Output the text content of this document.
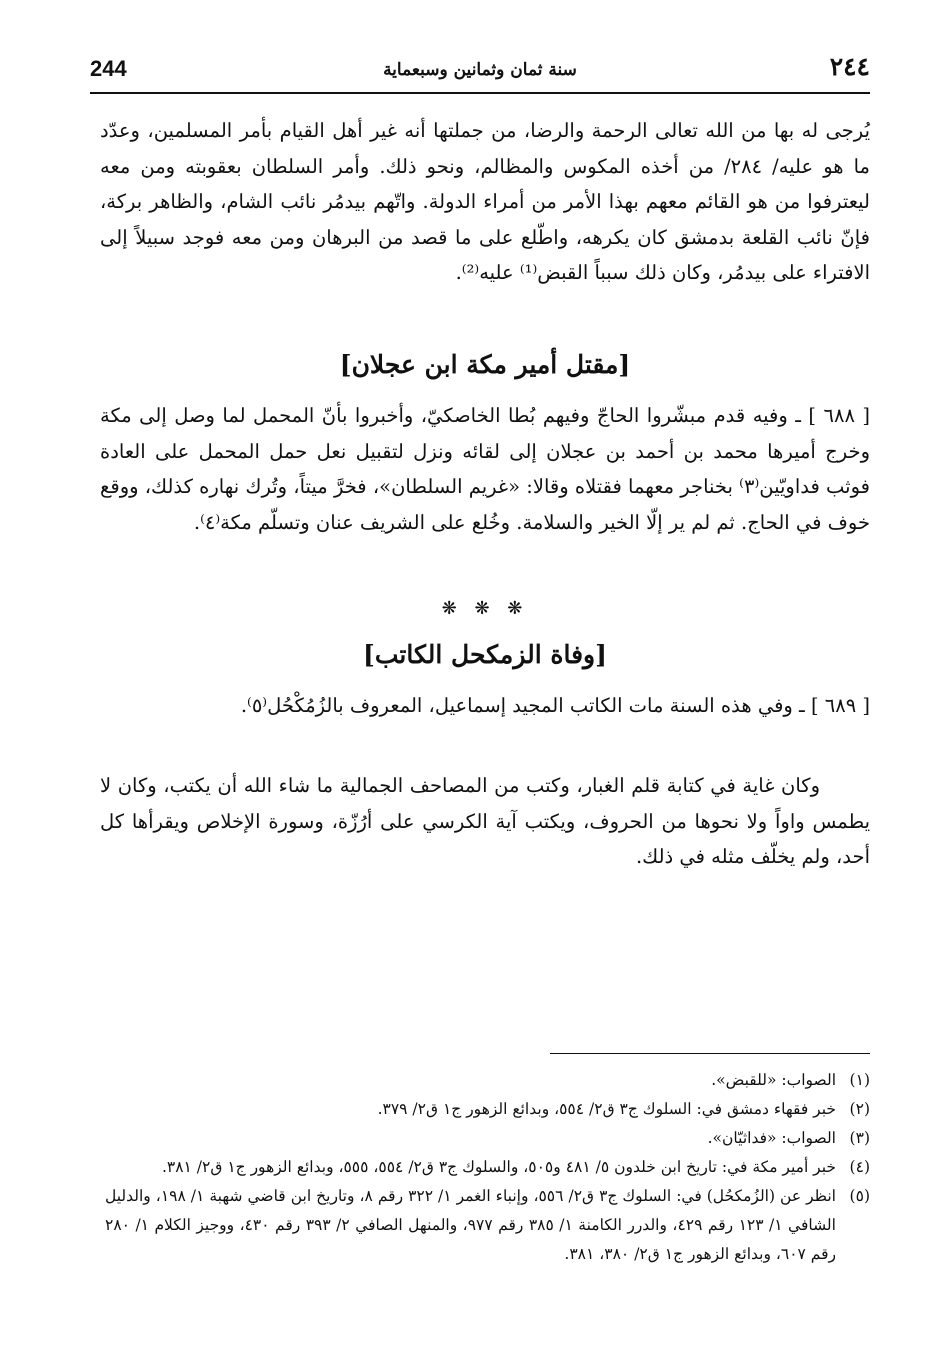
244	سنة ثمان وثمانين وسبعماية	٢٤٤

يُرجى له بها من الله تعالى الرحمة والرضا، من جملتها أنه غير أهل القيام بأمر المسلمين، وعدّد ما هو عليه/ ٢٨٤/ من أخذه المكوس والمظالم، ونحو ذلك. وأمر السلطان بعقوبته ومن معه ليعترفوا من هو القائم معهم بهذا الأمر من أمراء الدولة. واتّهم بيدمُر نائب الشام، والظاهر بركة، فإنّ نائب القلعة بدمشق كان يكرهه، واطّلع على ما قصد من البرهان ومن معه فوجد سبيلاً إلى الافتراء على بيدمُر، وكان ذلك سبباً القبض⁽¹⁾ عليه⁽²⁾.

[مقتل أمير مكة ابن عجلان]

[ ٦٨٨ ] ـ وفيه قدم مبشّروا الحاجّ وفيهم بُطا الخاصكيّ، وأخبروا بأنّ المحمل لما وصل إلى مكة وخرج أميرها محمد بن أحمد بن عجلان إلى لقائه ونزل لتقبيل نعل حمل المحمل على العادة فوثب فداويّين⁽٣⁾ بخناجر معهما فقتلاه وقالا: «غريم السلطان»، فخرَّ ميتاً، وتُرك نهاره كذلك، ووقع خوف في الحاج. ثم لم ير إلّا الخير والسلامة. وخُلع على الشريف عنان وتسلّم مكة⁽٤⁾.

❋ ❋ ❋
[وفاة الزمكحل الكاتب]

[ ٦٨٩ ] ـ وفي هذه السنة مات الكاتب المجيد إسماعيل، المعروف بالزُمُكْحُل⁽٥⁾.

وكان غاية في كتابة قلم الغبار، وكتب من المصاحف الجمالية ما شاء الله أن يكتب، وكان لا يطمس واواً ولا نحوها من الحروف، ويكتب آية الكرسي على أرُزّة، وسورة الإخلاص ويقرأها كل أحد، ولم يخلّف مثله في ذلك.

(١)
الصواب: «للقبض».
(٢)
خبر فقهاء دمشق في: السلوك ج٣ ق٢/ ٥٥٤، وبدائع الزهور ج١ ق٢/ ٣٧٩.
(٣)
الصواب: «فداثيّان».
(٤)
خبر أمير مكة في: تاريخ ابن خلدون ٥/ ٤٨١ و٥٠٥، والسلوك ج٣ ق٢/ ٥٥٤، ٥٥٥، وبدائع الزهور ج١ ق٢/ ٣٨١.
(٥)
انظر عن (الزُمكحُل) في: السلوك ج٣ ق٢/ ٥٥٦، وإنباء الغمر ١/ ٣٢٢ رقم ٨، وتاريخ ابن قاضي شهبة ١/ ١٩٨، والدليل الشافي ١/ ١٢٣ رقم ٤٢٩، والدرر الكامنة ١/ ٣٨٥ رقم ٩٧٧، والمنهل الصافي ٢/ ٣٩٣ رقم ٤٣٠، ووجيز الكلام ١/ ٢٨٠ رقم ٦٠٧، وبدائع الزهور ج١ ق٢/ ٣٨٠، ٣٨١.
